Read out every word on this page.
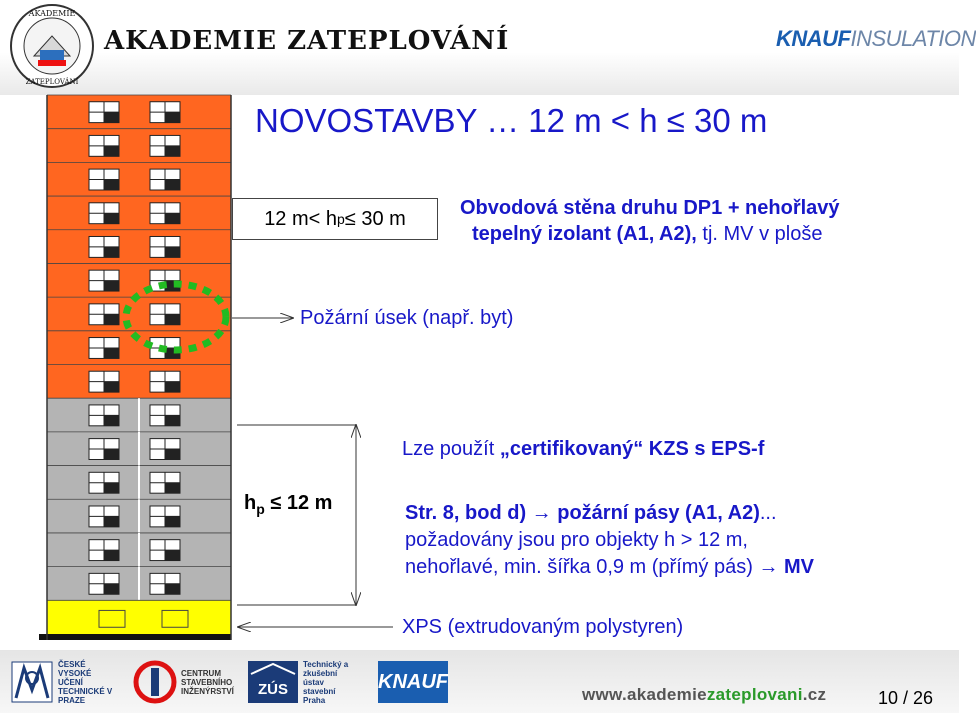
AKADEMIE
ZATEPLOVÁNÍ
AKADEMIE ZATEPLOVÁNÍ	KNAUFINSULATION
NOVOSTAVBY … 12 m < h ≤ 30 m
12 m< h p ≤ 30 m	Obvodová stěna druhu DP1 + nehořlavý
tepelný izolant (A1, A2), tj. MV v ploše
Požární úsek (např. byt)
Lze použít „certifikovaný“ KZS s EPS-f
$h_p \le 12$ m	Str. 8, bod d) → požární pásy (A1, A2)...
požadovány jsou pro objekty h > 12 m,
nehořlavé, min. šířka 0,9 m (přímý pás) → MV
XPS (extrudovaným polystyren)
ČESKÉ VYSOKÉ UČENÍ TECHNICKÉ V PRAZE
CENTRUM STAVEBNÍHO INŽENÝRSTVÍ ZÚS
Technický a zkušební ústav stavební Praha
KNAUF
www.akademiezateplovani.cz	10 / 26
